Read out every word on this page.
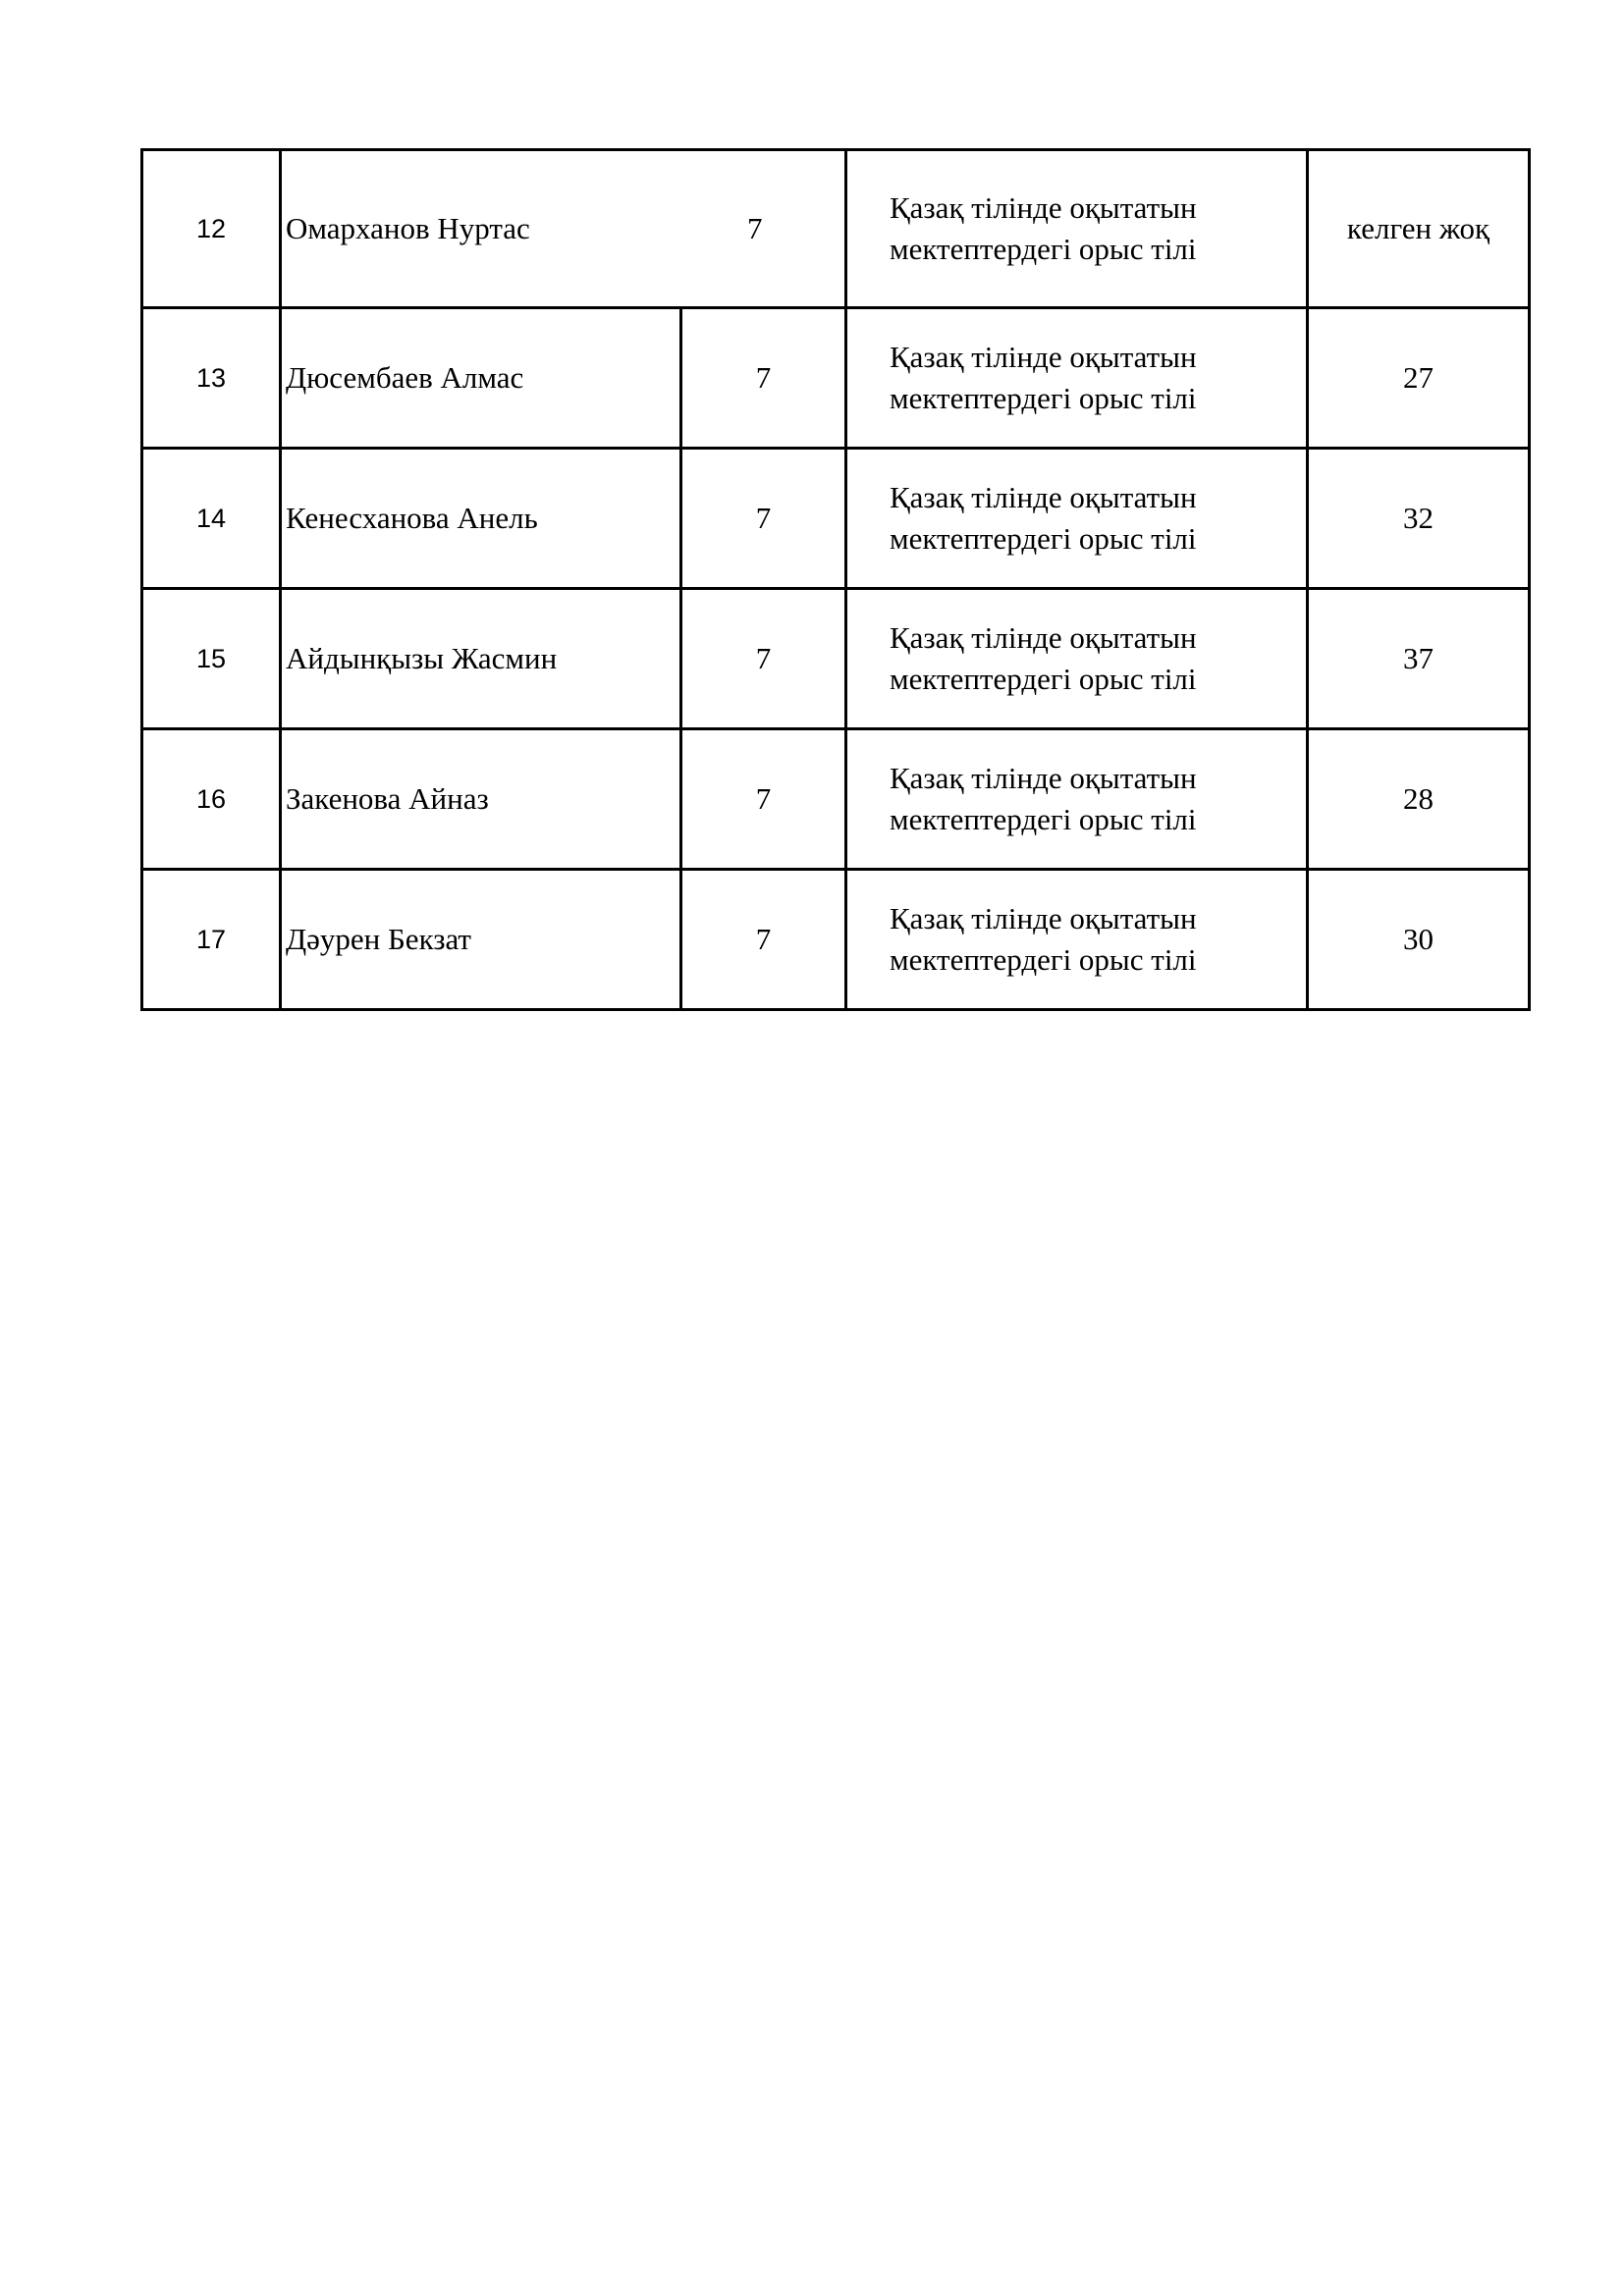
12	Омарханов Нуртас 7		Қазақ тілінде оқытатын
мектептердегі орыс тілі	келген жоқ
13	Дюсембаев Алмас	7	Қазақ тілінде оқытатын
мектептердегі орыс тілі	27
14	Кенесханова Анель	7	Қазақ тілінде оқытатын
мектептердегі орыс тілі	32
15	Айдынқызы Жасмин	7	Қазақ тілінде оқытатын
мектептердегі орыс тілі	37
16	Закенова Айназ	7	Қазақ тілінде оқытатын
мектептердегі орыс тілі	28
17	Дәурен Бекзат	7	Қазақ тілінде оқытатын
мектептердегі орыс тілі	30
